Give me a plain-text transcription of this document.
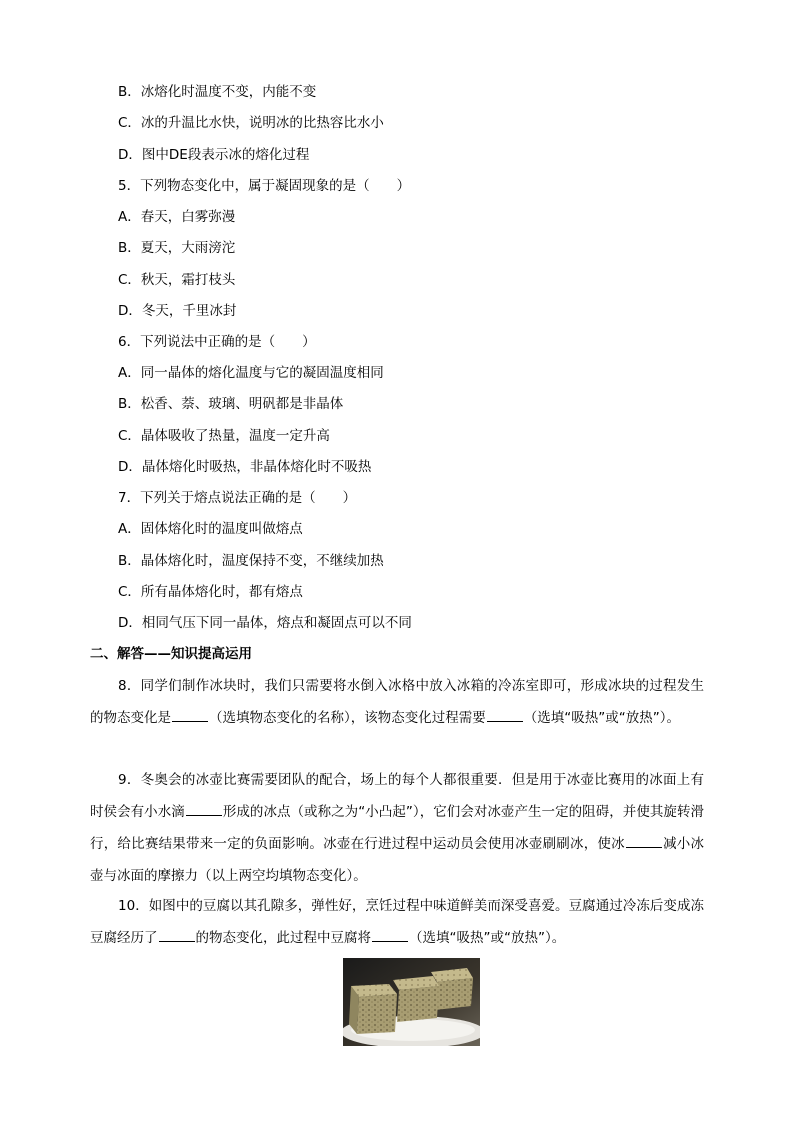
B．冰熔化时温度不变，内能不变
C．冰的升温比水快，说明冰的比热容比水小
D．图中DE段表示冰的熔化过程
5．下列物态变化中，属于凝固现象的是（　　）
A．春天，白雾弥漫
B．夏天，大雨滂沱
C．秋天，霜打枝头
D．冬天，千里冰封
6．下列说法中正确的是（　　）
A．同一晶体的熔化温度与它的凝固温度相同
B．松香、萘、玻璃、明矾都是非晶体
C．晶体吸收了热量，温度一定升高
D．晶体熔化时吸热，非晶体熔化时不吸热
7．下列关于熔点说法正确的是（　　）
A．固体熔化时的温度叫做熔点
B．晶体熔化时，温度保持不变，不继续加热
C．所有晶体熔化时，都有熔点
D．相同气压下同一晶体，熔点和凝固点可以不同
二、解答——知识提高运用
8．同学们制作冰块时，我们只需要将水倒入冰格中放入冰箱的冷冻室即可，形成冰块的过程发生的物态变化是	（选填物态变化的名称），该物态变化过程需要	（选填“吸热”或“放热”）。
9．冬奥会的冰壶比赛需要团队的配合，场上的每个人都很重要．但是用于冰壶比赛用的冰面上有时侯会有小水滴	形成的冰点（或称之为“小凸起”），它们会对冰壶产生一定的阻碍，并使其旋转滑行，给比赛结果带来一定的负面影响。冰壶在行进过程中运动员会使用冰壶刷刷冰，使冰	减小冰壶与冰面的摩擦力（以上两空均填物态变化）。
10．如图中的豆腐以其孔隙多，弹性好，烹饪过程中味道鲜美而深受喜爱。豆腐通过冷冻后变成冻豆腐经历了	的物态变化，此过程中豆腐将	（选填“吸热”或“放热”）。
